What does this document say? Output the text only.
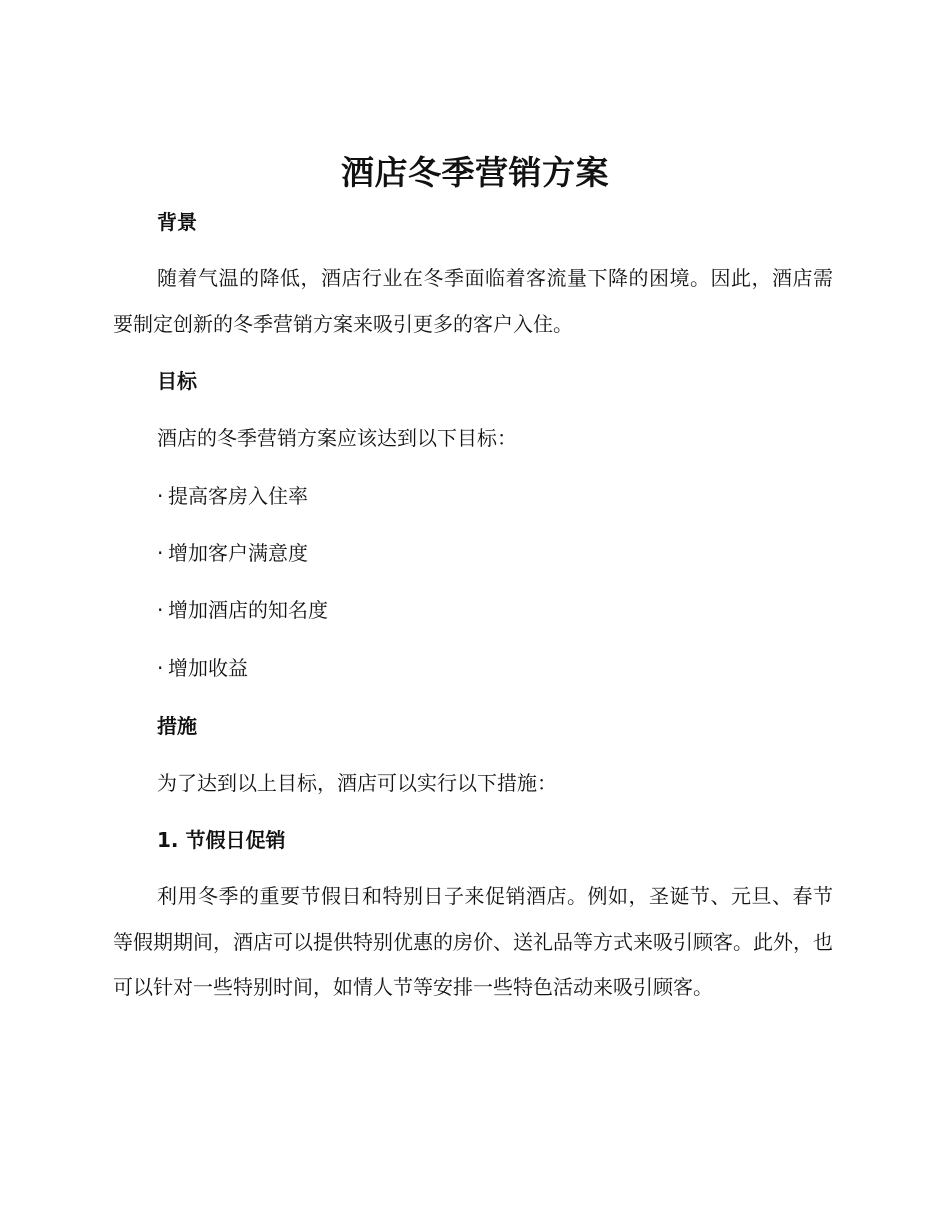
酒店冬季营销方案
背景

随着气温的降低，酒店行业在冬季面临着客流量下降的困境。因此，酒店需要制定创新的冬季营销方案来吸引更多的客户入住。

目标

酒店的冬季营销方案应该达到以下目标：

· 提高客房入住率

· 增加客户满意度

· 增加酒店的知名度

· 增加收益

措施

为了达到以上目标，酒店可以实行以下措施：

1. 节假日促销

利用冬季的重要节假日和特别日子来促销酒店。例如，圣诞节、元旦、春节等假期期间，酒店可以提供特别优惠的房价、送礼品等方式来吸引顾客。此外，也可以针对一些特别时间，如情人节等安排一些特色活动来吸引顾客。
